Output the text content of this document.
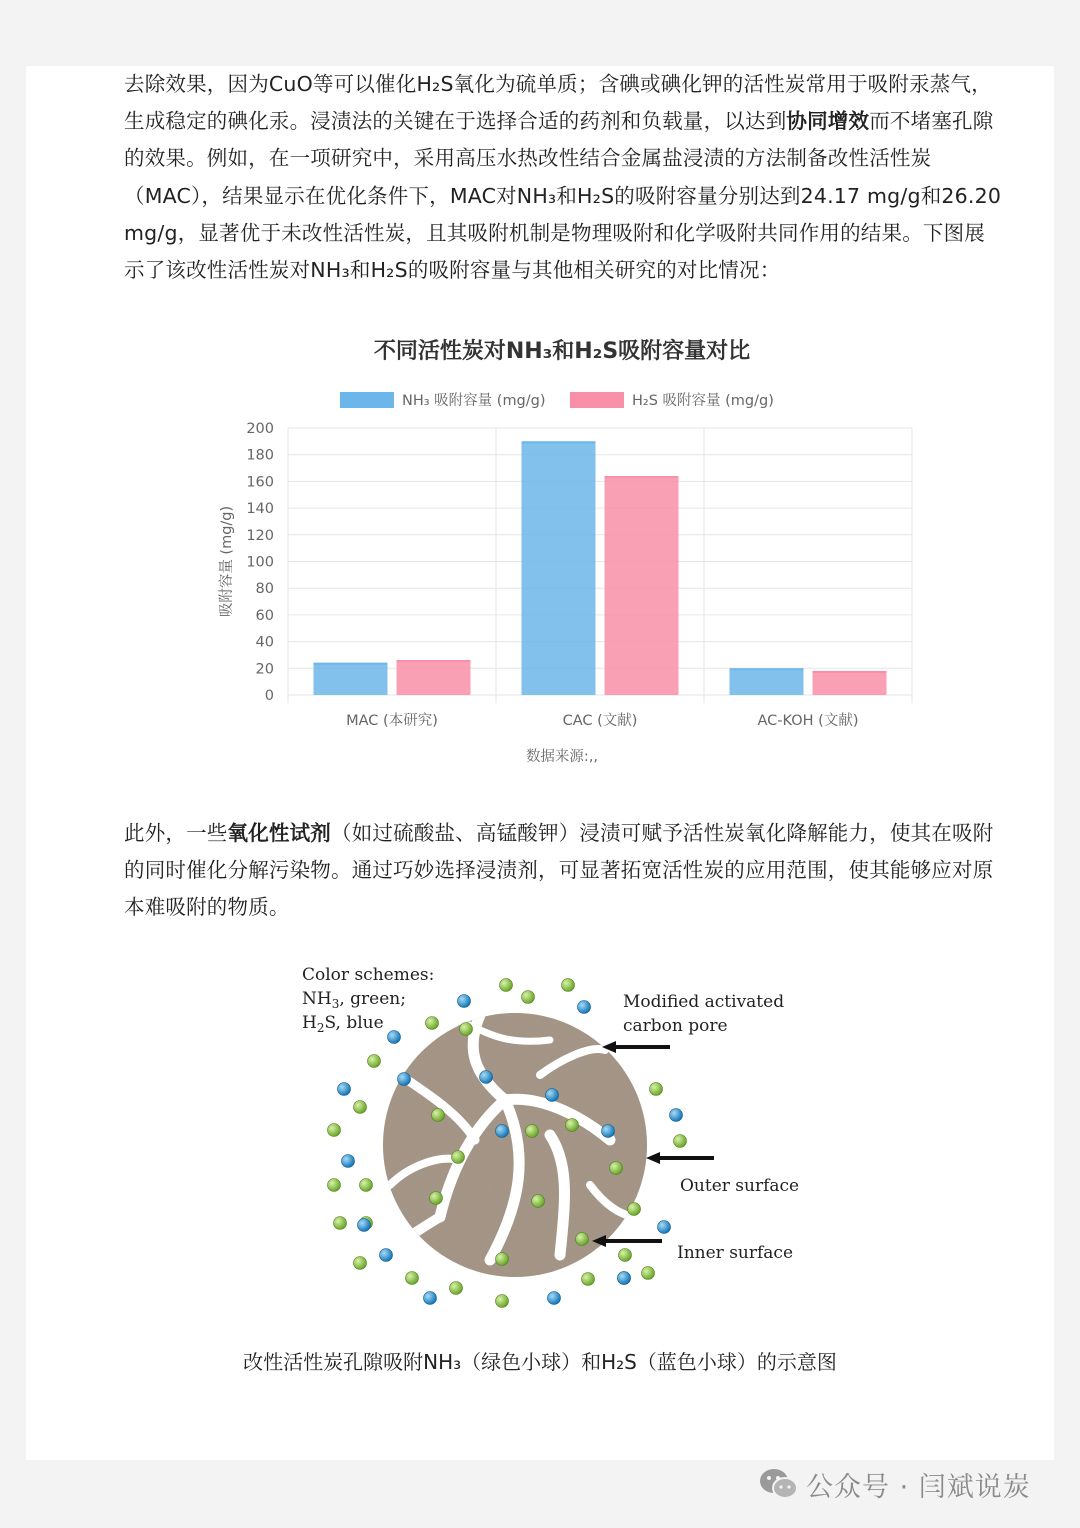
去除效果，因为CuO等可以催化H₂S氧化为硫单质；含碘或碘化钾的活性炭常用于吸附汞蒸气，生成稳定的碘化汞。浸渍法的关键在于选择合适的药剂和负载量，以达到协同增效而不堵塞孔隙的效果。例如，在一项研究中，采用高压水热改性结合金属盐浸渍的方法制备改性活性炭（MAC），结果显示在优化条件下，MAC对NH₃和H₂S的吸附容量分别达到24.17 mg/g和26.20 mg/g，显著优于未改性活性炭，且其吸附机制是物理吸附和化学吸附共同作用的结果。下图展示了该改性活性炭对NH₃和H₂S的吸附容量与其他相关研究的对比情况：

不同活性炭对NH₃和H₂S吸附容量对比
NH₃ 吸附容量 (mg/g)	H₂S 吸附容量 (mg/g)
0
20
40
60
80
100
120
140
160
180
200
MAC (本研究)	CAC (文献)	AC-KOH (文献)
吸附容量 (mg/g)
数据来源:,,

此外，一些氧化性试剂（如过硫酸盐、高锰酸钾）浸渍可赋予活性炭氧化降解能力，使其在吸附的同时催化分解污染物。通过巧妙选择浸渍剂，可显著拓宽活性炭的应用范围，使其能够应对原本难吸附的物质。

Color schemes:
$NH_3$, green;
$H_2S$, blue
Modified activated
carbon pore
Outer surface
Inner surface

改性活性炭孔隙吸附NH₃（绿色小球）和H₂S（蓝色小球）的示意图

公众号 · 闫斌说炭
